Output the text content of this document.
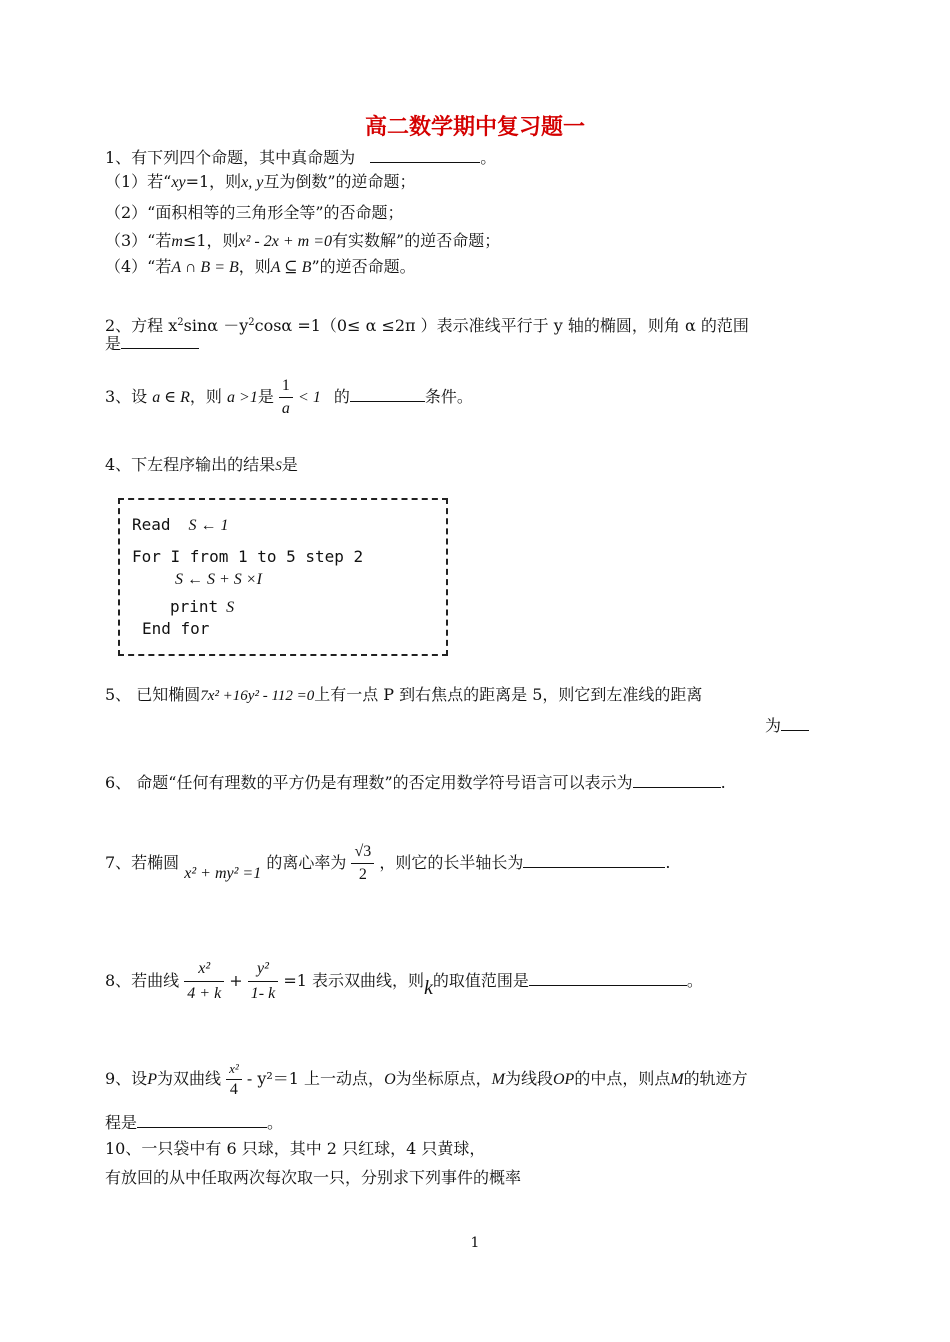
高二数学期中复习题一
1、有下列四个命题，其中真命题为	。
（1）若“xy=1，则x, y互为倒数”的逆命题；
（2）“面积相等的三角形全等”的否命题；
（3）“若m≤1，则x² - 2x + m =0有实数解”的逆否命题；
（4）“若A ∩ B = B，则A ⊆ B”的逆否命题。
2、方程 $x^2\sin\alpha -y^2\cos\alpha =1(0\le \alpha \le 2\pi$ ）表示准线平行于 y 轴的椭圆，则角 α 的范围
是
3、设 a ∈ R，则 a >1是 $\frac{1}{a} < 1$ 的	条件。
4、下左程序输出的结果S是
Read S ← 1
For I from 1 to 5 step 2
S ← S + S ×I
print S
End for
5、 已知椭圆7x² +16y² - 112 =0上有一点 P 到右焦点的距离是 5，则它到左准线的距离
为
6、 命题“任何有理数的平方仍是有理数”的否定用数学符号语言可以表示为	.
7、若椭圆 x² + my² =1 的离心率为 $\frac{√3}{2}$ ，则它的长半轴长为	.
8、若曲线 $\frac{\text{x²}}{4 + k} + \frac{\text{y²}}{1- k} =1$ 表示双曲线，则k的取值范围是	。
9、设P为双曲线 $\frac{\text{x²}}{4} - y^2=1$ 上一动点，O为坐标原点，M为线段OP的中点，则点M的轨迹方
程是	。
10、一只袋中有 6 只球，其中 2 只红球，4 只黄球，
有放回的从中任取两次每次取一只，分别求下列事件的概率
1
